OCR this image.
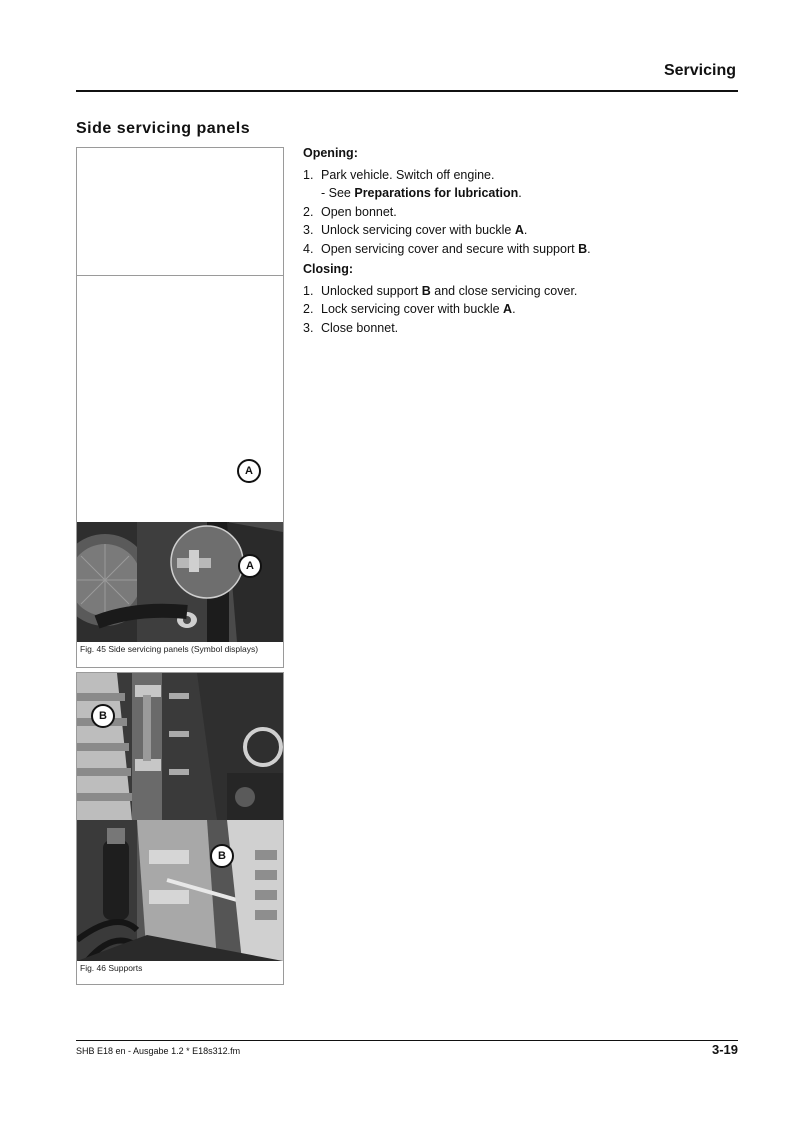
Servicing
Side servicing panels
A
A
Fig. 45 Side servicing panels (Symbol displays)
B
B
Fig. 46 Supports
Opening:
1. Park vehicle. Switch off engine.
- See Preparations for lubrication.
2. Open bonnet.
3. Unlock servicing cover with buckle A.
4. Open servicing cover and secure with support B.
Closing:
1. Unlocked support B and close servicing cover.
2. Lock servicing cover with buckle A.
3. Close bonnet.
SHB E18 en - Ausgabe 1.2 * E18s312.fm	3-19
